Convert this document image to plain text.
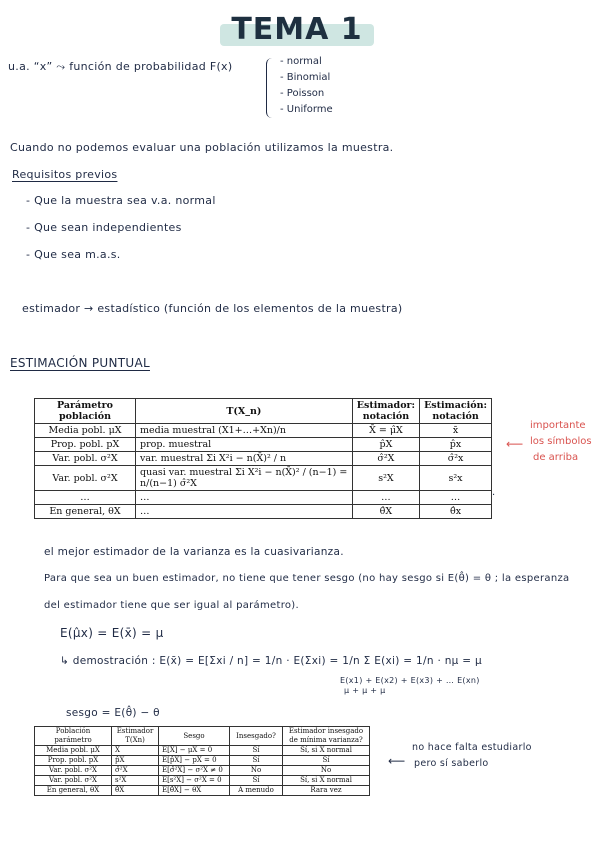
TEMA 1
u.a. “x” ⤳ función de probabilidad F(x)	- normal
- Binomial
- Poisson
- Uniforme
Cuando no podemos evaluar una población utilizamos la muestra.
Requisitos previos
- Que la muestra sea v.a. normal
- Que sean independientes
- Que sea m.a.s.
estimador → estadístico (función de los elementos de la muestra)
ESTIMACIÓN PUNTUAL
Parámetro población	T(X_n)	Estimador: notación	Estimación: notación
Media pobl. μX	media muestral (X1+…+Xn)/n	X̄ = μ̂X	x̄
Prop. pobl. pX	prop. muestral	p̂X	p̂x
Var. pobl. σ²X	var. muestral Σi X²i − n(X̄)² / n	σ̂²X	σ̂²x
Var. pobl. σ²X	quasi var. muestral Σi X²i − n(X̄)² / (n−1) = n/(n−1) σ̂²X	s²X	s²x
…	…	…	…
En general, θX	…	θ̂X	θ̂x
.
⟵
importante
los símbolos
de arriba
el mejor estimador de la varianza es la cuasivarianza.
Para que sea un buen estimador, no tiene que tener sesgo (no hay sesgo si E(θ̂) = θ ; la esperanza
del estimador tiene que ser igual al parámetro).
E(μ̂x) = E(x̄) = μ
↳ demostración : E(x̄) = E[Σxi / n] = 1/n · E(Σxi) = 1/n Σ E(xi) = 1/n · nμ = μ
E(x1) + E(x2) + E(x3) + … E(xn)
μ + μ + μ
sesgo = E(θ̂) − θ
Población parámetro	Estimador T(Xn)	Sesgo	Insesgado?	Estimador insesgado de mínima varianza?
Media pobl. μX	X̄	E[X̄] − μX = 0	Sí	Sí, si X normal
Prop. pobl. pX	p̂X	E[p̂X] − pX = 0	Sí	Sí
Var. pobl. σ²X	σ̂²X	E[σ̂²X] − σ²X ≠ 0	No	No
Var. pobl. σ²X	s²X	E[s²X] − σ²X = 0	Sí	Sí, si X normal
En general, θX	θ̂X	E[θ̂X] − θX	A menudo	Rara vez
⟵
no hace falta estudiarlo
pero sí saberlo
